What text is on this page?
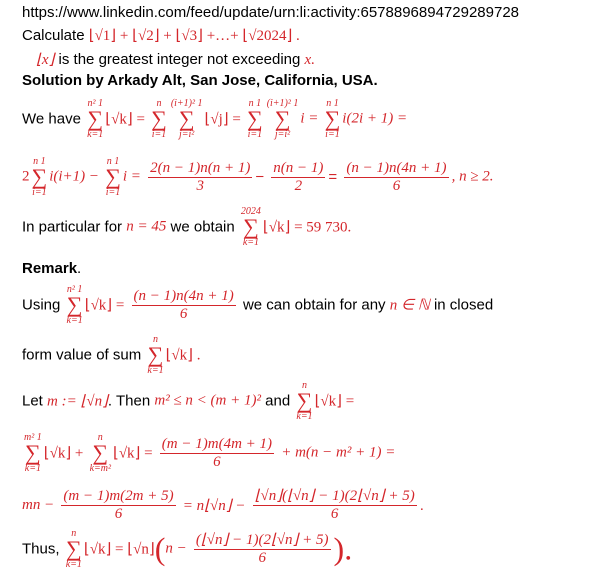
https://www.linkedin.com/feed/update/urn:li:activity:6578896894729289728
Calculate ⌊√1⌋ + ⌊√2⌋ + ⌊√3⌋ +…+ ⌊√2024⌋ .
⌊x⌋ is the greatest integer not exceeding x.
Solution by Arkady Alt, San Jose, California, USA.
We have
n² 1
∑
k=1
⌊√k⌋ =
n
∑
i=1
(i+1)² 1
∑
j=i²
⌊√j⌋ =
n 1
∑
i=1
(i+1)² 1
∑
j=i²
i =
n 1
∑
i=1
i(2i + 1) =
2
n 1
∑
i=1
i(i+1) −
n 1
∑
i=1
$i = \frac{2(n - 1)n(n + 1)}{3} - \frac{n(n - 1)}{2} = \frac{(n - 1)n(4n + 1)}{6}$ , n ≥ 2.
In particular for n = 45 we obtain
2024
∑
k=1
⌊√k⌋ = 59 730.
Remark.
Using
n² 1
∑
k=1
⌊√k⌋ = $\frac{(n - 1)n(4n + 1)}{6}$ we can obtain for any n ∈ ℕ in closed
form value of sum
n
∑
k=1
⌊√k⌋ .
Let m := ⌊√n⌋. Then m² ≤ n < (m + 1)² and
n
∑
k=1
⌊√k⌋ =
m² 1
∑
k=1
⌊√k⌋ +
n
∑
k=m²
⌊√k⌋ = $\frac{(m - 1)m(4m + 1)}{6} + m(n - m^2 + 1)$ =
mn − $\frac{(m - 1)m(2m + 5)}{6}$ = n⌊√n⌋ − $\frac{⌊√n⌋(⌊√n⌋ - 1)(2⌊√n⌋ + 5)}{6}$ .
Thus,
n
∑
k=1
⌊√k⌋ = ⌊√n⌋(n − $\frac{(⌊√n⌋ - 1)(2⌊√n⌋ + 5)}{6}$ ).
